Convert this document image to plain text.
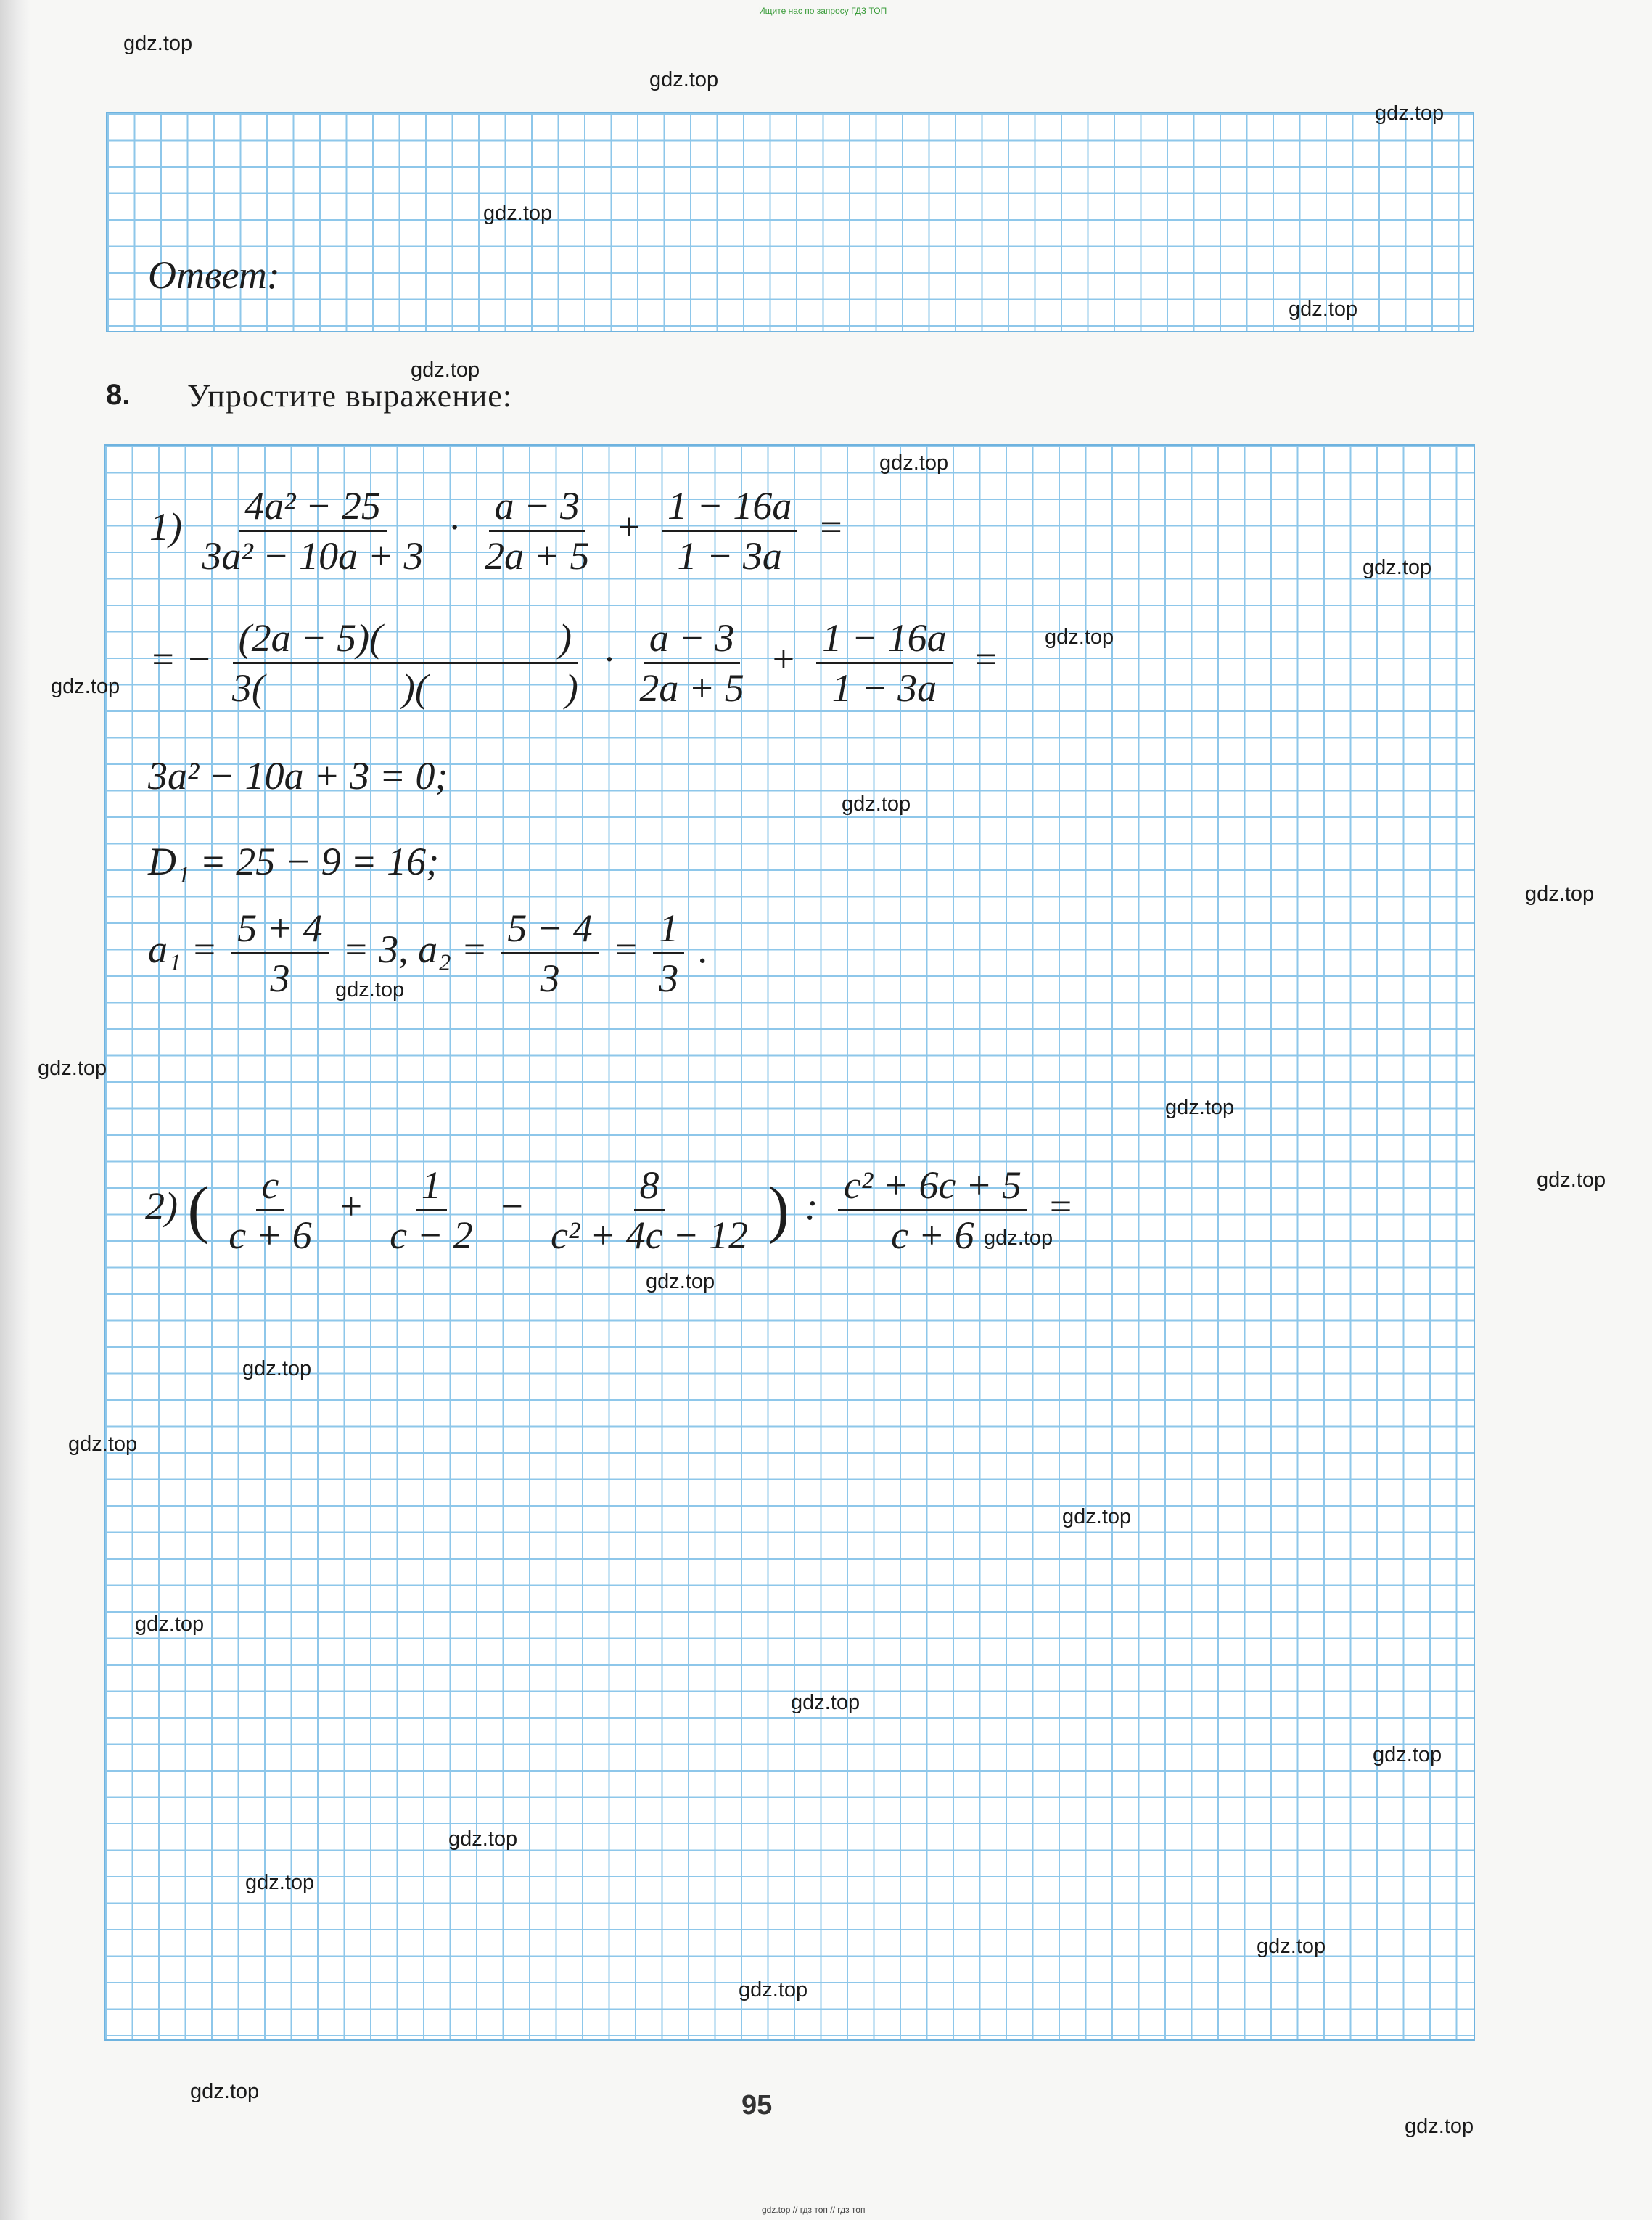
Ищите нас по запросу ГДЗ ТОП
Ответ:
8. Упростите выражение:
$1) \frac{\text{4a² − 25}}{\text{3a² − 10a + 3}} \cdot \frac{a - 3}{2a + 5} + \frac{1 - 16a}{1 - 3a}$ =
= − $\frac{(2a - 5)( )}{3( )( )} \cdot \frac{a - 3}{2a + 5} + \frac{1 - 16a}{1 - 3a}$ =
3a² − 10a + 3 = 0;
D₁ = 25 − 9 = 16;
$a_1 = \frac{5 + 4}{3} = 3$, $a_2 = \frac{5 - 4}{3} = \frac{1}{3}$ .
2) ( $\frac{c}{c + 6} + \frac{1}{c - 2} - \frac{8}{\text{c² + 4c − 12}}$ ) : $\frac{\text{c² + 6c + 5}}{c + 6}$ =
95
gdz.top // гдз топ // гдз топ
gdz.top
gdz.top
gdz.top
gdz.top
gdz.top
gdz.top
gdz.top
gdz.top
gdz.top
gdz.top
gdz.top
gdz.top
gdz.top
gdz.top
gdz.top
gdz.top
gdz.top
gdz.top
gdz.top
gdz.top
gdz.top
gdz.top
gdz.top
gdz.top
gdz.top
gdz.top
gdz.top
gdz.top
gdz.top
gdz.top
